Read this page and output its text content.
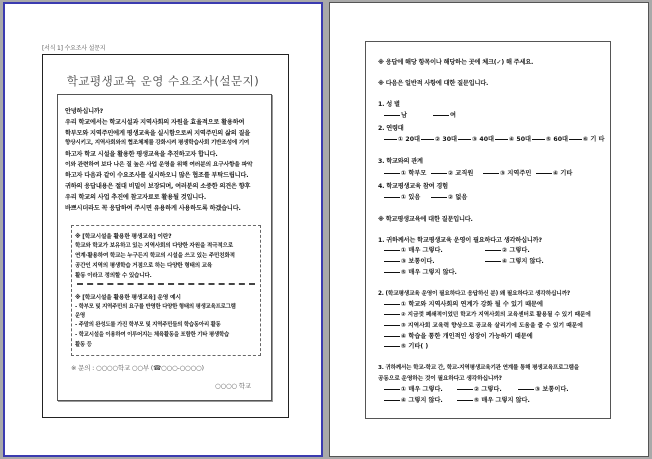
[서식 1] 수요조사 설문지
학교평생교육 운영 수요조사(설문지)
안녕하십니까?
우리 학교에서는 학교시설과 지역사회의 자원을 효율적으로 활용하여
학부모와 지역주민에게 평생교육을 실시함으로써 지역주민의 삶의 질을
향상시키고, 지역사회와의 협조체제를 강화시켜 평생학습사회 기반조성에 기여
하고자 학교 시설을 활용한 평생교육을 추진하고자 합니다.
이와 관련하여 보다 나은 질 높은 사업 운영을 위해 여러분의 요구사항을 파악
하고자 다음과 같이 수요조사를 실시하오니 많은 협조를 부탁드립니다.
귀하의 응답내용은 절대 비밀이 보장되며, 여러분의 소중한 의견은 향후
우리 학교의 사업 추진에 참고자료로 활용될 것입니다.
바쁘시더라도 꼭 응답하여 주시면 유용하게 사용하도록 하겠습니다.
※ [학교시설을 활용한 평생교육] 이란?
학교와 학교가 보유하고 있는 지역사회의 다양한 자원을 적극적으로
연계·활용하여 학교는 누구든지 학교의 시설을 쓰고 있는 주민친화적
공간인 지역의 평생학습 거점으로 하는 다양한 형태의 교육
활동 이라고 정의할 수 있습니다.
※ [학교시설을 활용한 평생교육] 운영 예시
- 학부모 및 지역주민의 요구를 반영한 다양한 형태의 평생교육프로그램
운영
- 주말의 완성도를 가진 학부모 및 지역주민들의 학습동아리 활동
- 학교시설을 이용하여 이루어지는 체육활동을 포함한 기타 평생학습
활동 등
※ 문의 : ○○○○학교 ○○부 (☎○○○-○○○○)
○○○○ 학교
※ 응답에 해당 항목이나 해당하는 곳에 체크(✓) 해 주세요.
※ 다음은 일반적 사항에 대한 질문입니다.
1. 성 별
남	여
2. 연령대
① 20대	② 30대	③ 40대	④ 50대	⑤ 60대	⑥ 기 타
3. 학교와의 관계
① 학부모	② 교직원	③ 지역주민	④ 기타
4. 학교평생교육 참여 경험
① 있음	② 없음
※ 학교평생교육에 대한 질문입니다.
1. 귀하께서는 학교평생교육 운영이 필요하다고 생각하십니까?
① 매우 그렇다.	② 그렇다.
③ 보통이다.	④ 그렇지 않다.
⑤ 매우 그렇지 않다.
2. (학교평생교육 운영이 필요하다고 응답하신 분) 왜 필요하다고 생각하십니까?
① 학교와 지역사회의 연계가 강화 될 수 있기 때문에
② 지금껏 폐쇄적이었던 학교가 지역사회의 교육센터로 활용될 수 있기 때문에
③ 지역사회 교육력 향상으로 공교육 살리기에 도움을 줄 수 있기 때문에
④ 학습을 통한 개인적인 성장이 가능하기 때문에
⑤ 기타( )
3. 귀하께서는 학교-학교 간, 학교-지역평생교육기관 연계를 통해 평생교육프로그램을
공동으로 운영하는 것이 필요하다고 생각하십니까?
① 매우 그렇다.	② 그렇다.	③ 보통이다.
④ 그렇지 않다.	⑤ 매우 그렇지 않다.
